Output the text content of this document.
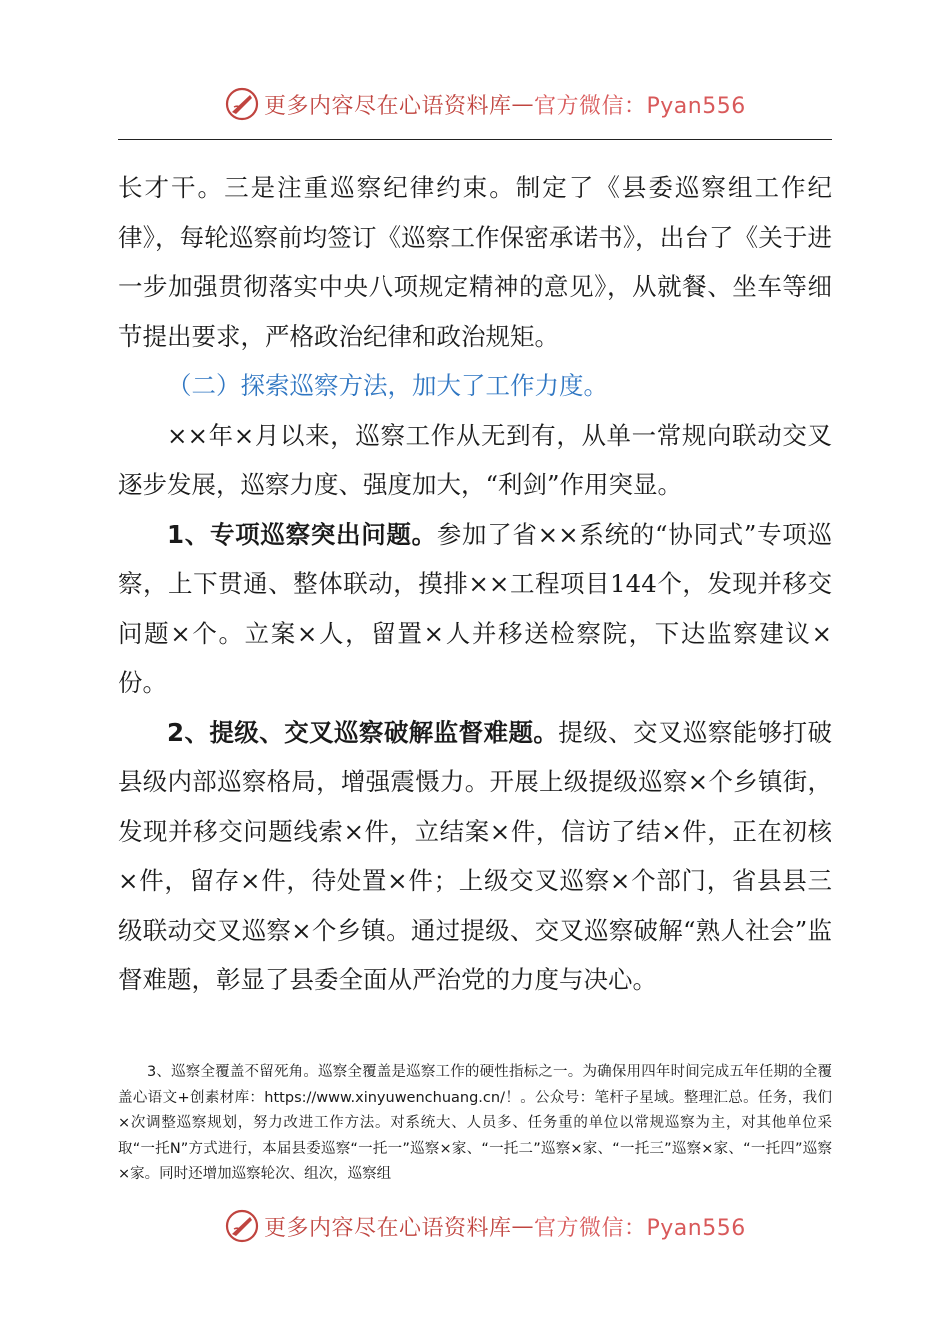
更多内容尽在心语资料库 — 官方微信：Pyan556

长才干。三是注重巡察纪律约束。制定了《县委巡察组工作纪律》，每轮巡察前均签订《巡察工作保密承诺书》，出台了《关于进一步加强贯彻落实中央八项规定精神的意见》，从就餐、坐车等细节提出要求，严格政治纪律和政治规矩。

（二）探索巡察方法，加大了工作力度。

××年×月以来，巡察工作从无到有，从单一常规向联动交叉逐步发展，巡察力度、强度加大，“利剑”作用突显。

1、专项巡察突出问题。参加了省××系统的“协同式”专项巡察，上下贯通、整体联动，摸排××工程项目144个，发现并移交问题×个。立案×人，留置×人并移送检察院，下达监察建议×份。

2、提级、交叉巡察破解监督难题。提级、交叉巡察能够打破县级内部巡察格局，增强震慑力。开展上级提级巡察×个乡镇街，发现并移交问题线索×件，立结案×件，信访了结×件，正在初核×件，留存×件，待处置×件；上级交叉巡察×个部门，省县县三级联动交叉巡察×个乡镇。通过提级、交叉巡察破解“熟人社会”监督难题，彰显了县委全面从严治党的力度与决心。

3、巡察全覆盖不留死角。巡察全覆盖是巡察工作的硬性指标之一。为确保用四年时间完成五年任期的全覆盖心语文+创素材库：https://www.xinyuwenchuang.cn/！。公众号：笔杆子星域。整理汇总。任务，我们×次调整巡察规划，努力改进工作方法。对系统大、人员多、任务重的单位以常规巡察为主，对其他单位采取“一托N”方式进行，本届县委巡察“一托一”巡察×家、“一托二”巡察×家、“一托三”巡察×家、“一托四”巡察×家。同时还增加巡察轮次、组次，巡察组
更多内容尽在心语资料库 — 官方微信：Pyan556
